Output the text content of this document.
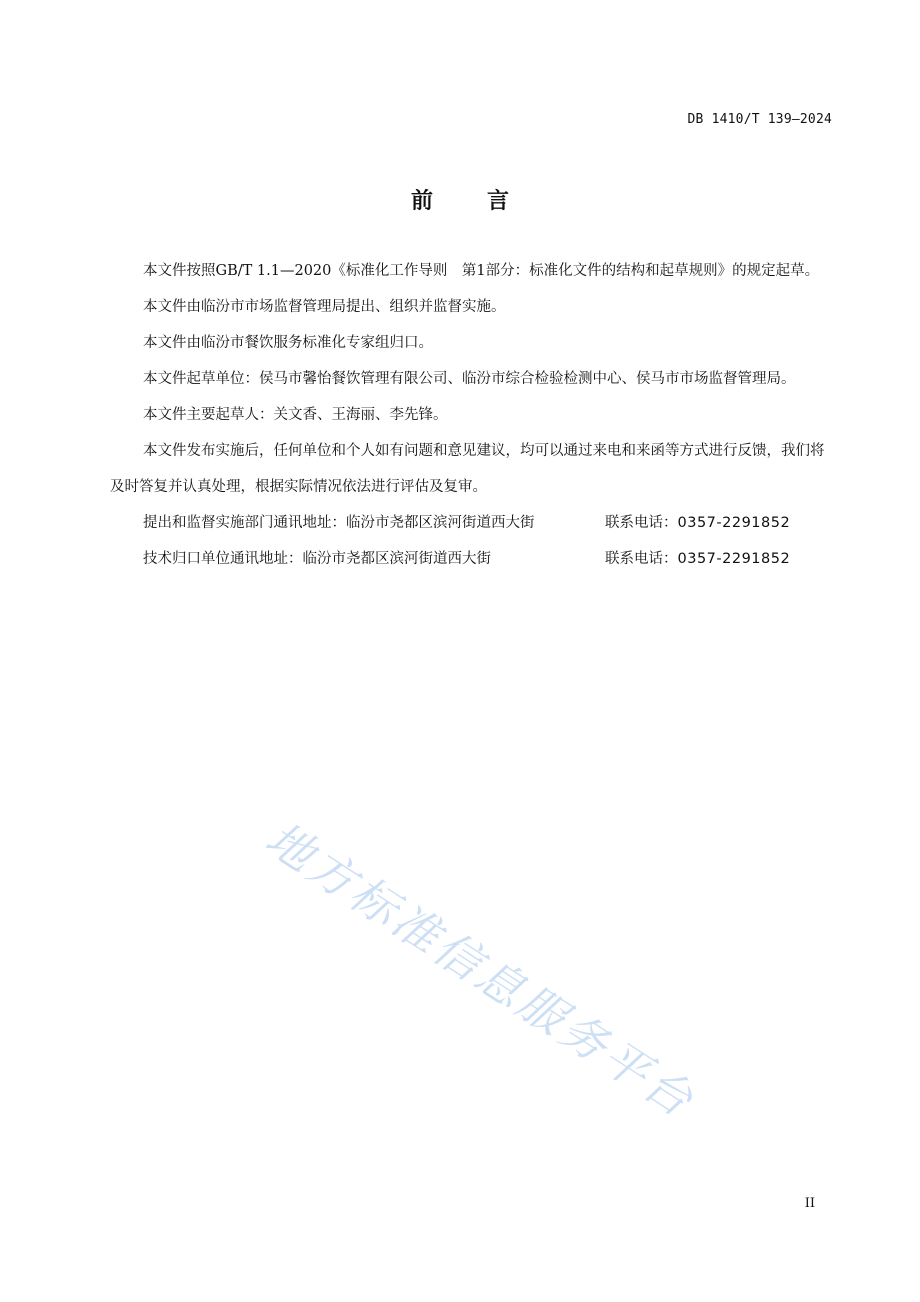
DB 1410/T 139—2024
前 言

本文件按照GB/T 1.1—2020《标准化工作导则　第1部分：标准化文件的结构和起草规则》的规定起草。

本文件由临汾市市场监督管理局提出、组织并监督实施。

本文件由临汾市餐饮服务标准化专家组归口。

本文件起草单位：侯马市馨怡餐饮管理有限公司、临汾市综合检验检测中心、侯马市市场监督管理局。

本文件主要起草人：关文香、王海丽、李先锋。

本文件发布实施后，任何单位和个人如有问题和意见建议，均可以通过来电和来函等方式进行反馈，我们将及时答复并认真处理，根据实际情况依法进行评估及复审。

提出和监督实施部门通讯地址：临汾市尧都区滨河街道西大街	联系电话： 0357-2291852
技术归口单位通讯地址：临汾市尧都区滨河街道西大街	联系电话： 0357-2291852
地方标准信息服务平台
II
